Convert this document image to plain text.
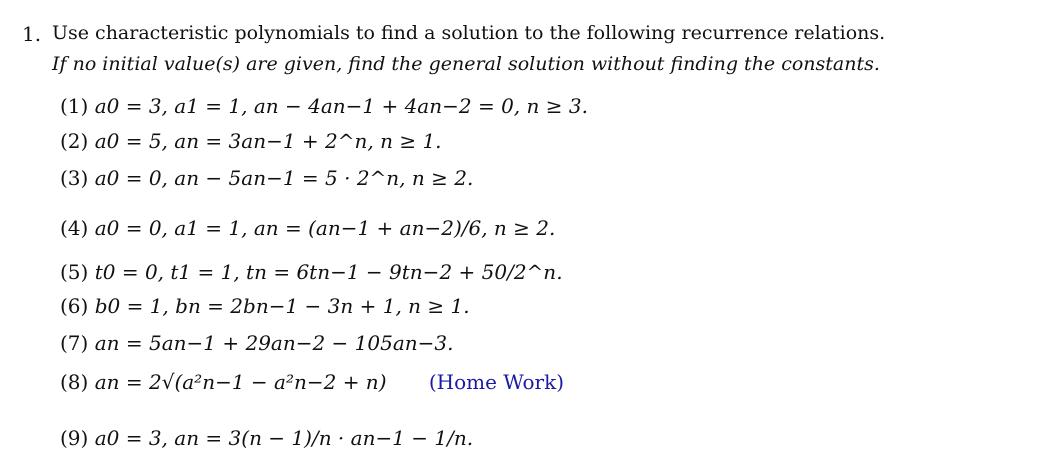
1. Use characteristic polynomials to find a solution to the following recurrence relations.
If no initial value(s) are given, find the general solution without finding the constants.
(1) a0 = 3, a1 = 1, an − 4an−1 + 4an−2 = 0, n ≥ 3.
(2) a0 = 5, an = 3an−1 + 2^n, n ≥ 1.
(3) a0 = 0, an − 5an−1 = 5 · 2^n, n ≥ 2.
(4) a0 = 0, a1 = 1, an = (an−1 + an−2)/6, n ≥ 2.
(5) t0 = 0, t1 = 1, tn = 6tn−1 − 9tn−2 + 50/2^n.
(6) b0 = 1, bn = 2bn−1 − 3n + 1, n ≥ 1.
(7) an = 5an−1 + 29an−2 − 105an−3.
(8) an = 2√(a²n−1 − a²n−2 + n) (Home Work)
(9) a0 = 3, an = 3(n − 1)/n · an−1 − 1/n.
